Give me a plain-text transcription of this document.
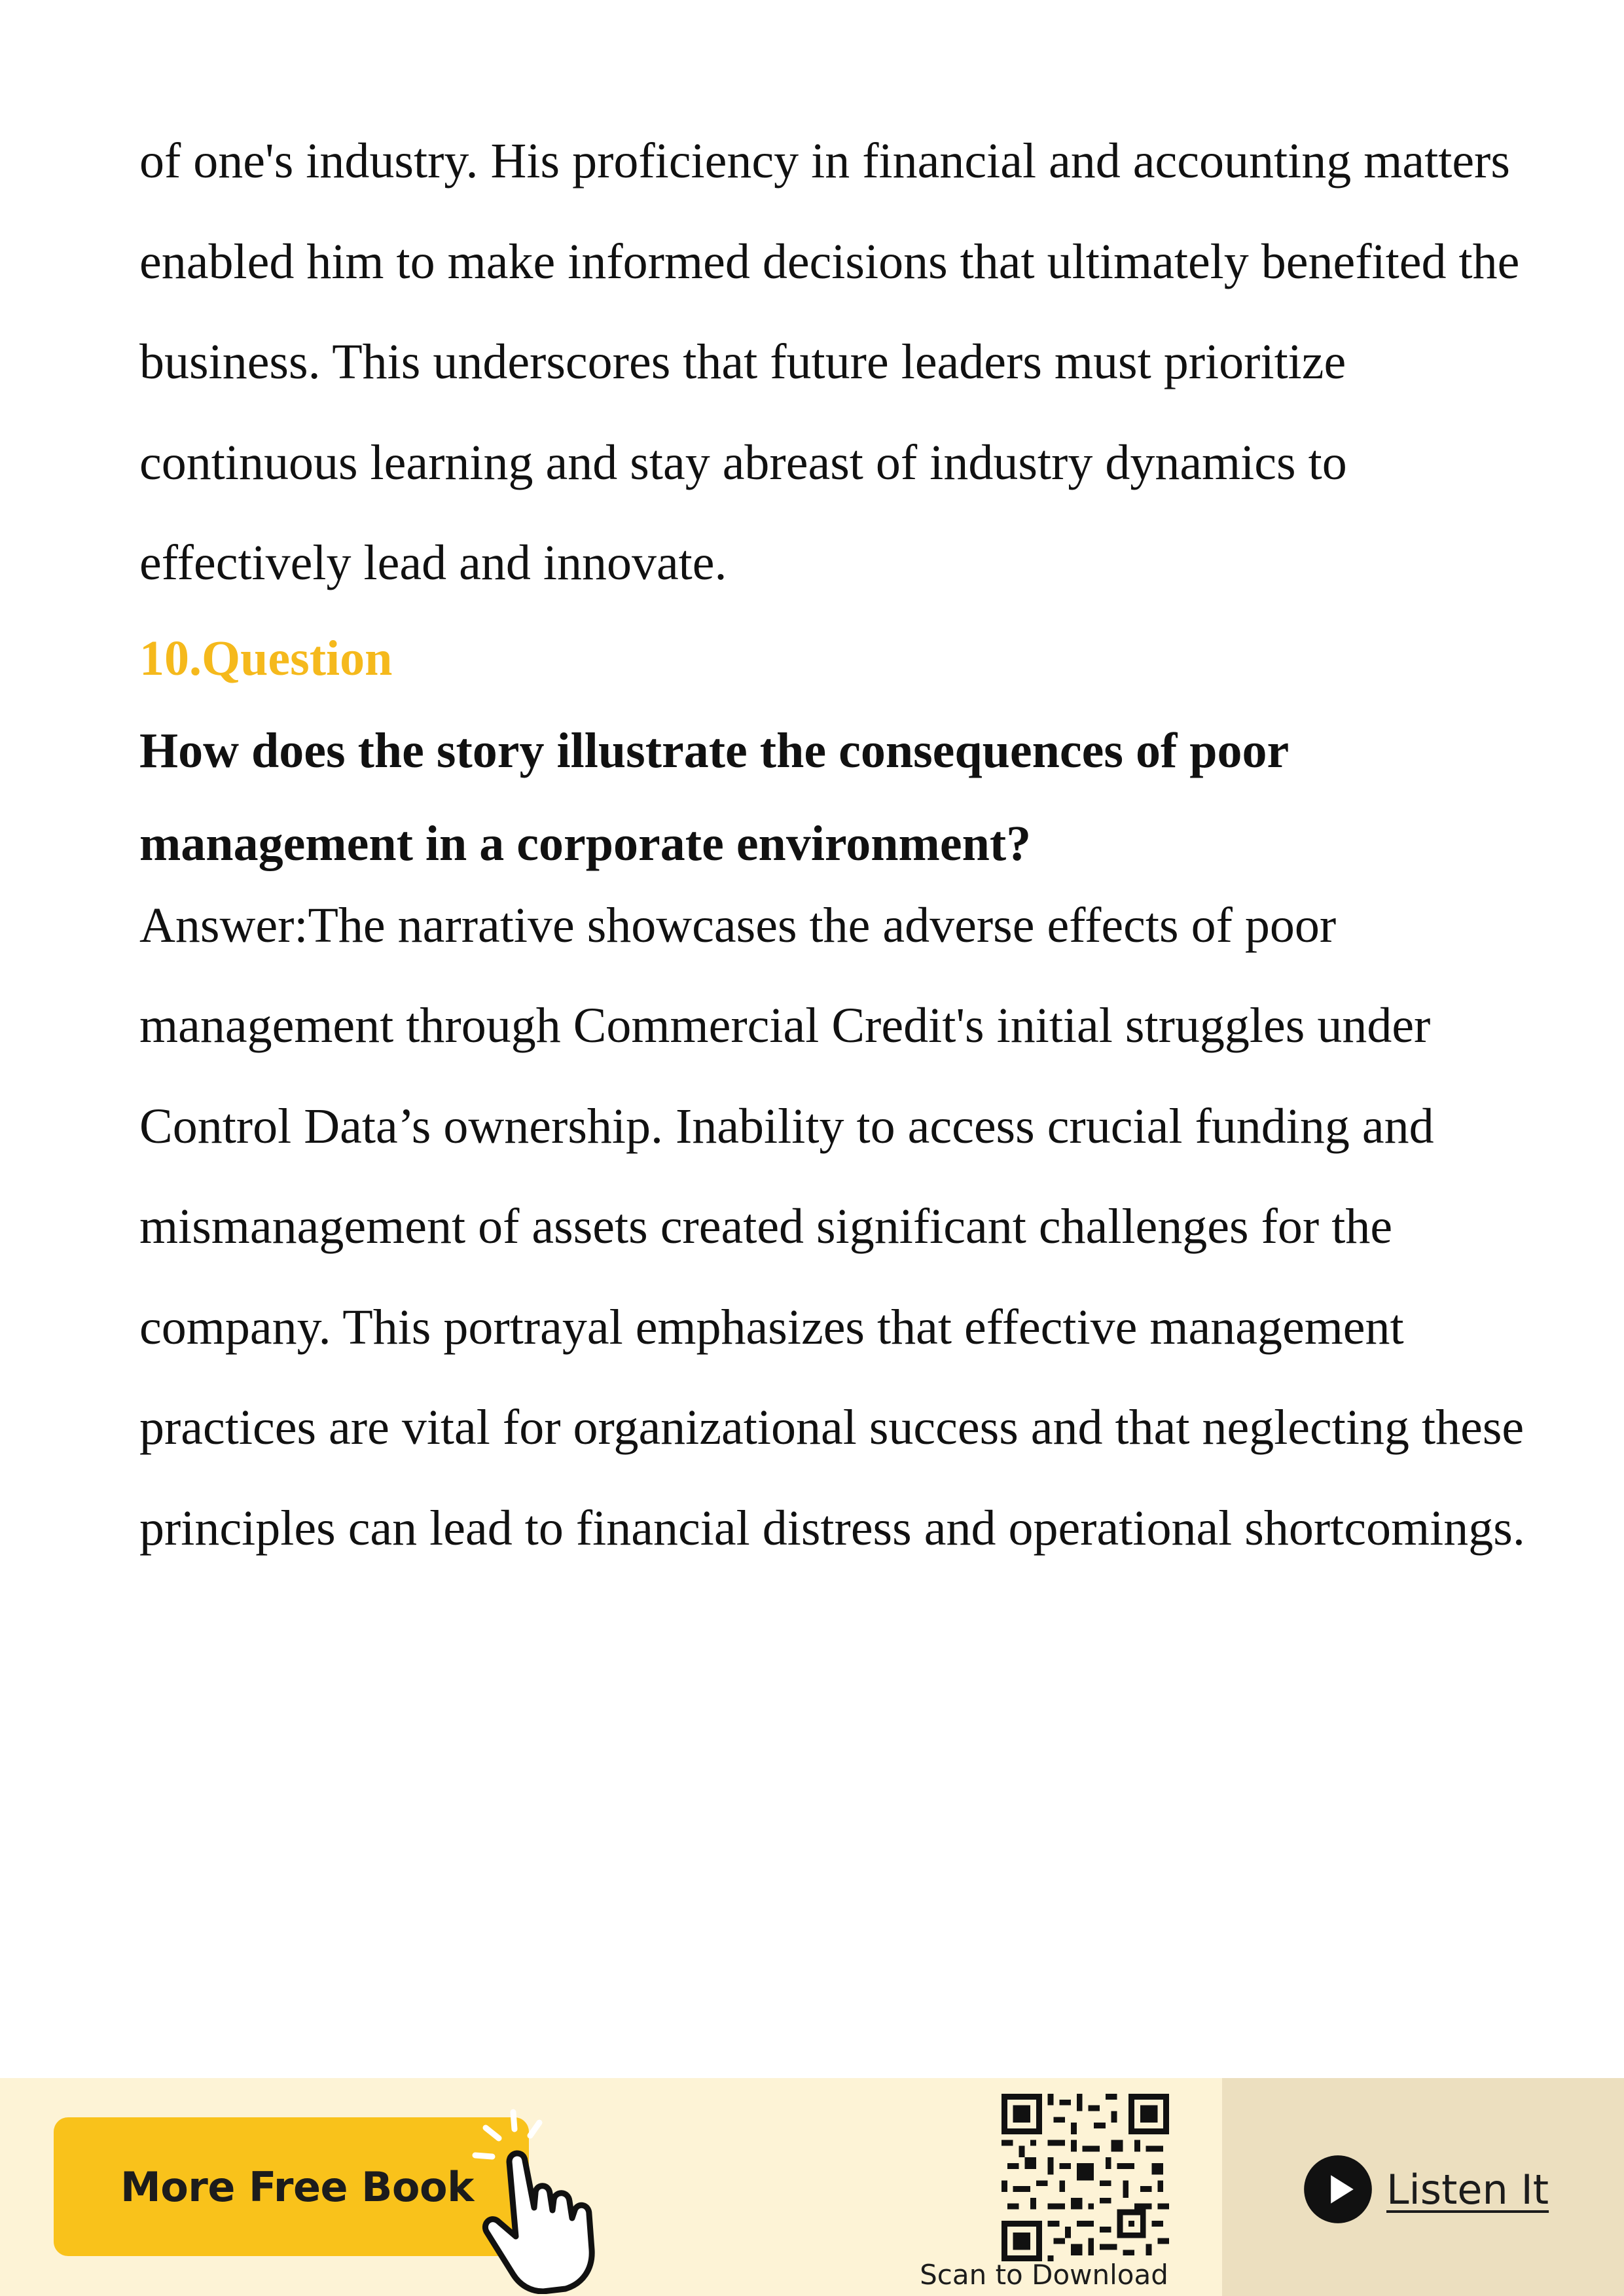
of one's industry. His proficiency in financial and accounting matters enabled him to make informed decisions that ultimately benefited the business. This underscores that future leaders must prioritize continuous learning and stay abreast of industry dynamics to effectively lead and innovate.

10.Question

How does the story illustrate the consequences of poor management in a corporate environment?

Answer:The narrative showcases the adverse effects of poor management through Commercial Credit's initial struggles under Control Data’s ownership. Inability to access crucial funding and mismanagement of assets created significant challenges for the company. This portrayal emphasizes that effective management practices are vital for organizational success and that neglecting these principles can lead to financial distress and operational shortcomings.

More Free Book
Scan to Download
Listen It
